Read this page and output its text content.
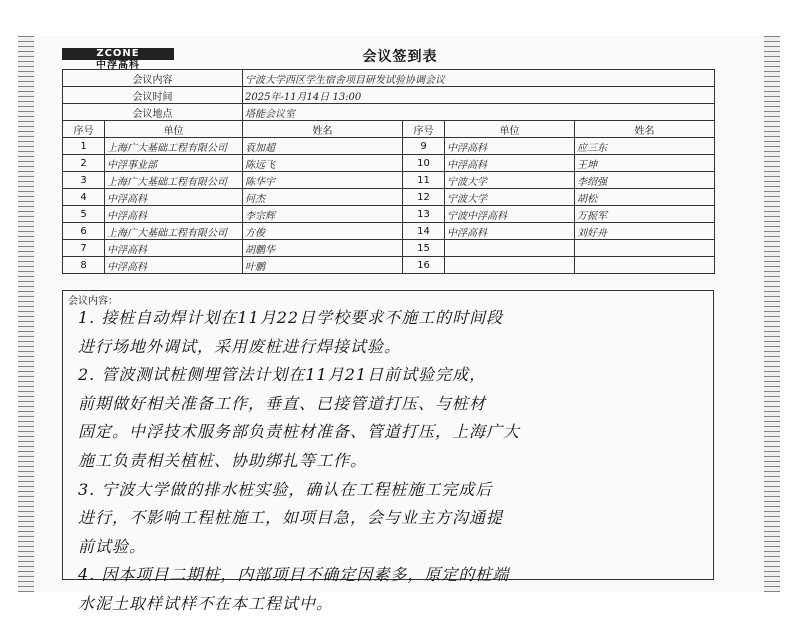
ZCONE
中浮高科
会议签到表
会议内容		宁波大学西区学生宿舍项目研发试验协调会议			
会议时间		2025年-11月14日 13:00			
会议地点		塔能会议室			
序号	单位	姓名	序号	单位	姓名
1	上海广大基础工程有限公司	袁加超	9	中浮高科	应三东
2	中浮事业部	陈远飞	10	中浮高科	王坤
3	上海广大基础工程有限公司	陈华宇	11	宁波大学	李绍强
4	中浮高科	何杰	12	宁波大学	胡松
5	中浮高科	李宗辉	13	宁波中浮高科	万振军
6	上海广大基础工程有限公司	方俊	14	中浮高科	刘好舟
7	中浮高科	胡鹏华	15		
8	中浮高科	叶鹏	16		
会议内容：

1. 接桩自动焊计划在11月22日学校要求不施工的时间段

进行场地外调试，采用废桩进行焊接试验。

2. 管波测试桩侧埋管法计划在11月21日前试验完成，

前期做好相关准备工作，垂直、已接管道打压、与桩材

固定。中浮技术服务部负责桩材准备、管道打压，上海广大

施工负责相关植桩、协助绑扎等工作。

3. 宁波大学做的排水桩实验，确认在工程桩施工完成后

进行，不影响工程桩施工，如项目急，会与业主方沟通提

前试验。

4. 因本项目二期桩，内部项目不确定因素多，原定的桩端

水泥土取样试样不在本工程试中。
